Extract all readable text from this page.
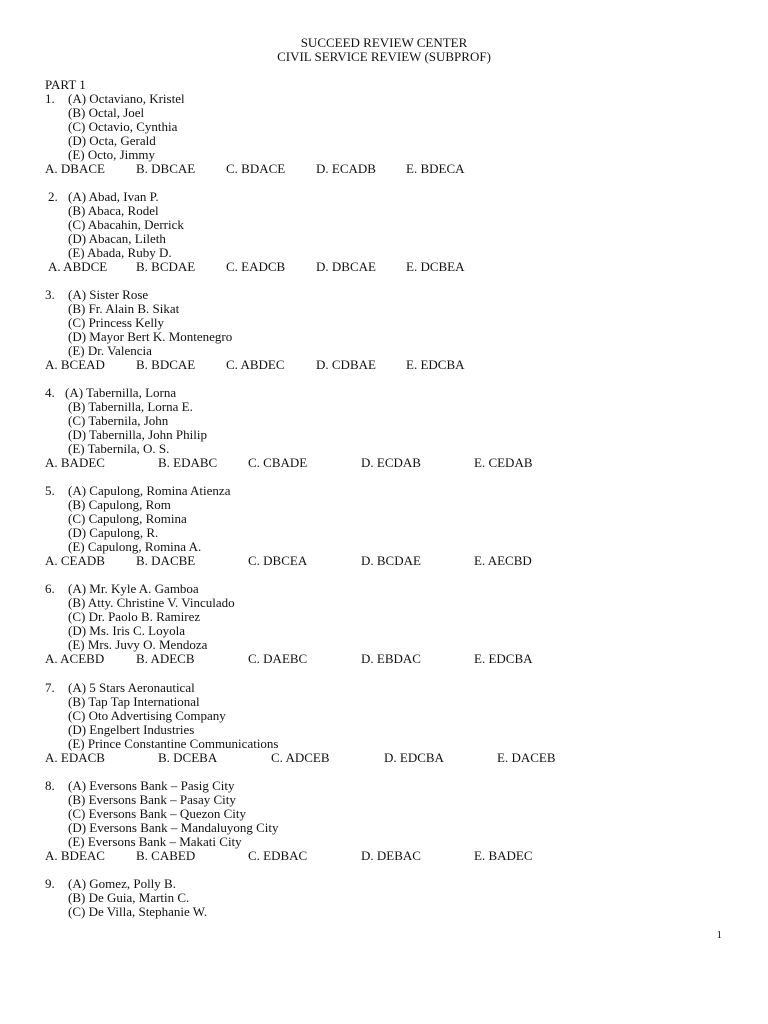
SUCCEED REVIEW CENTER
CIVIL SERVICE REVIEW (SUBPROF)
PART 1
1. (A) Octaviano, Kristel
(B) Octal, Joel
(C) Octavio, Cynthia
(D) Octa, Gerald
(E) Octo, Jimmy
A. DBACE B. DBCAE C. BDACE D. ECADB E. BDECA
2. (A) Abad, Ivan P.
(B) Abaca, Rodel
(C) Abacahin, Derrick
(D) Abacan, Lileth
(E) Abada, Ruby D.
A. ABDCE B. BCDAE C. EADCB D. DBCAE E. DCBEA
3. (A) Sister Rose
(B) Fr. Alain B. Sikat
(C) Princess Kelly
(D) Mayor Bert K. Montenegro
(E) Dr. Valencia
A. BCEAD B. BDCAE C. ABDEC D. CDBAE E. EDCBA
4. (A) Tabernilla, Lorna
(B) Tabernilla, Lorna E.
(C) Tabernila, John
(D) Tabernilla, John Philip
(E) Tabernila, O. S.
A. BADEC	B. EDABC C. CBADE	D. ECDAB	E. CEDAB
5. (A) Capulong, Romina Atienza
(B) Capulong, Rom
(C) Capulong, Romina
(D) Capulong, R.
(E) Capulong, Romina A.
A. CEADB B. DACBE	C. DBCEA	D. BCDAE	E. AECBD
6. (A) Mr. Kyle A. Gamboa
(B) Atty. Christine V. Vinculado
(C) Dr. Paolo B. Ramirez
(D) Ms. Iris C. Loyola
(E) Mrs. Juvy O. Mendoza
A. ACEBD B. ADECB	C. DAEBC	D. EBDAC	E. EDCBA
7. (A) 5 Stars Aeronautical
(B) Tap Tap International
(C) Oto Advertising Company
(D) Engelbert Industries
(E) Prince Constantine Communications
A. EDACB	B. DCEBA	C. ADCEB	D. EDCBA	E. DACEB
8. (A) Eversons Bank – Pasig City
(B) Eversons Bank – Pasay City
(C) Eversons Bank – Quezon City
(D) Eversons Bank – Mandaluyong City
(E) Eversons Bank – Makati City
A. BDEAC B. CABED	C. EDBAC	D. DEBAC	E. BADEC
9. (A) Gomez, Polly B.
(B) De Guia, Martin C.
(C) De Villa, Stephanie W.
1
